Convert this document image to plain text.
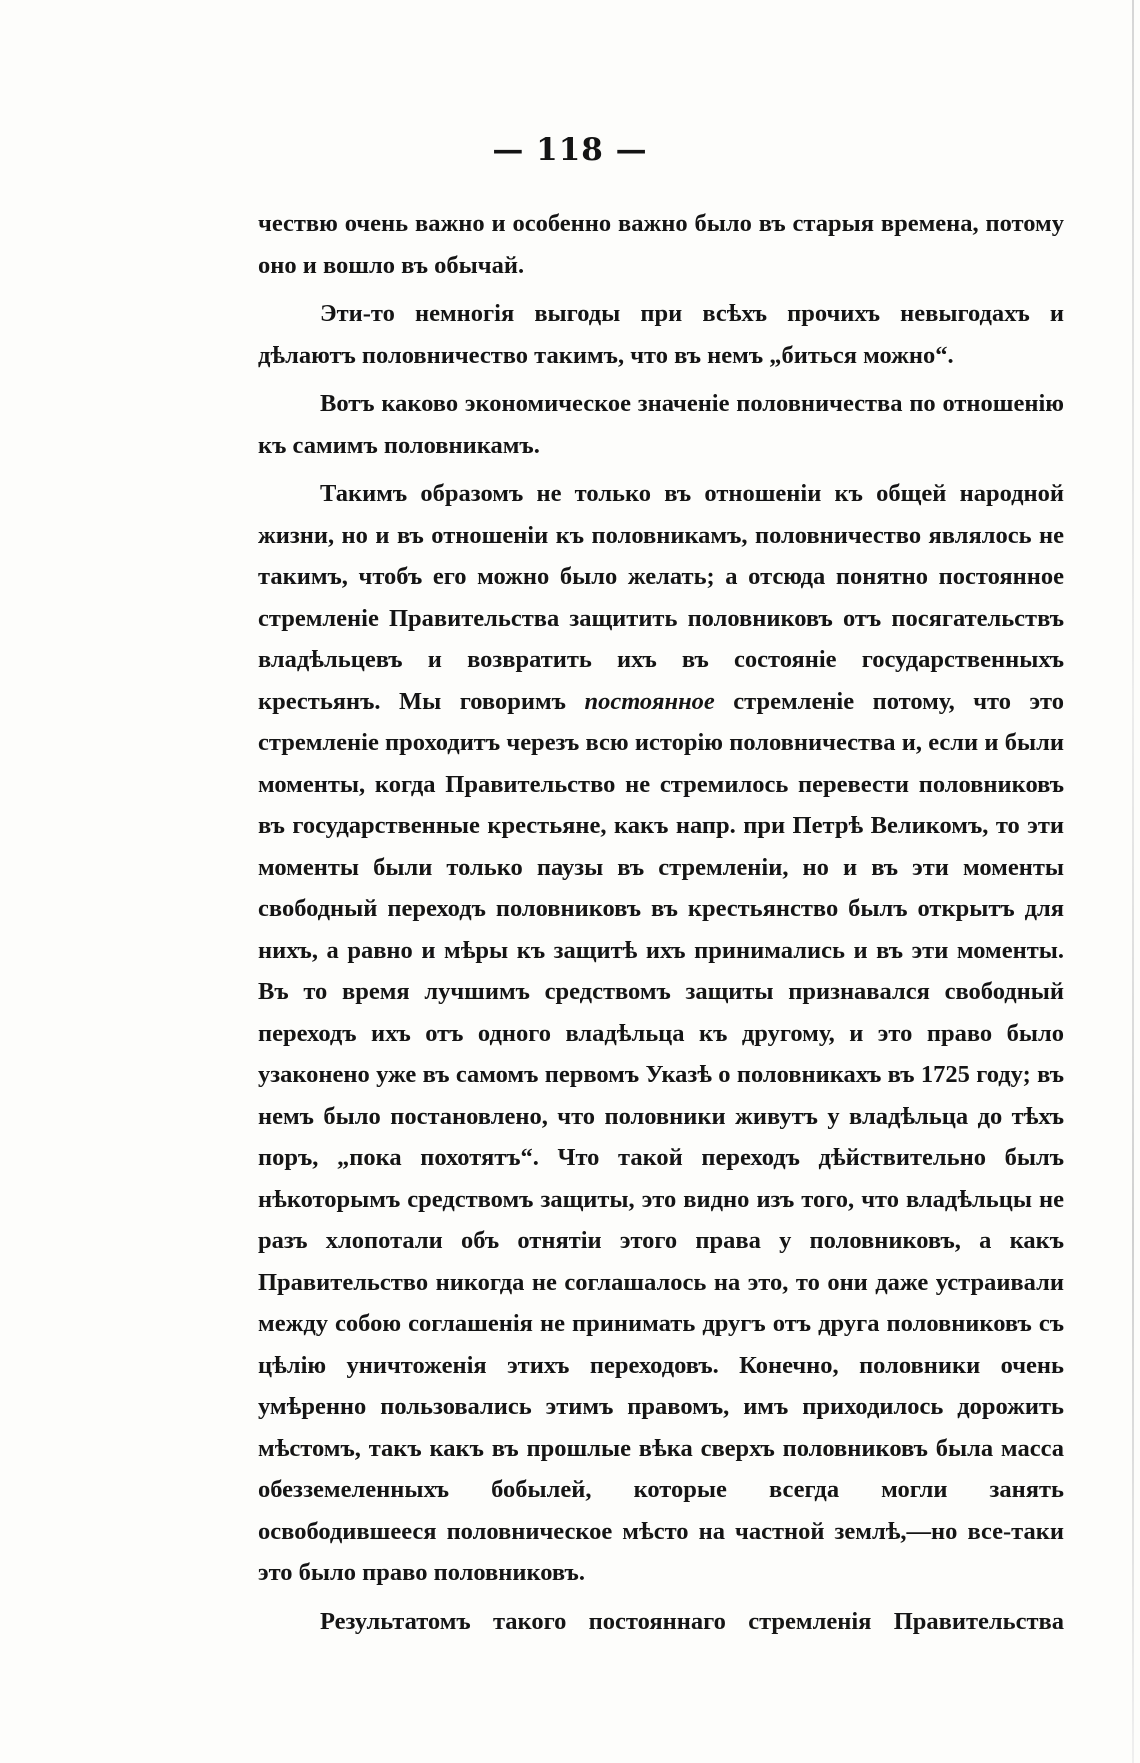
— 118 —

чествю очень важно и особенно важно было въ старыя времена, потому оно и вошло въ обычай.

Эти-то немногія выгоды при всѣхъ прочихъ невыгодахъ и дѣлаютъ половничество такимъ, что въ немъ „биться можно“.

Вотъ каково экономическое значеніе половничества по отношенію къ самимъ половникамъ.

Такимъ образомъ не только въ отношеніи къ общей народной жизни, но и въ отношеніи къ половникамъ, половничество являлось не такимъ, чтобъ его можно было желать; а отсюда понятно постоянное стремленіе Правительства защитить половниковъ отъ посягательствъ владѣльцевъ и возвратить ихъ въ состояніе государственныхъ крестьянъ. Мы говоримъ постоянное стремленіе потому, что это стремленіе проходитъ черезъ всю исторію половничества и, если и были моменты, когда Правительство не стремилось перевести половниковъ въ государственные крестьяне, какъ напр. при Петрѣ Великомъ, то эти моменты были только паузы въ стремленіи, но и въ эти моменты свободный переходъ половниковъ въ крестьянство былъ открытъ для нихъ, а равно и мѣры къ защитѣ ихъ принимались и въ эти моменты. Въ то время лучшимъ средствомъ защиты признавался свободный переходъ ихъ отъ одного владѣльца къ другому, и это право было узаконено уже въ самомъ первомъ Указѣ о половникахъ въ 1725 году; въ немъ было постановлено, что половники живутъ у владѣльца до тѣхъ поръ, „пока похотятъ“. Что такой переходъ дѣйствительно былъ нѣкоторымъ средствомъ защиты, это видно изъ того, что владѣльцы не разъ хлопотали объ отнятіи этого права у половниковъ, а какъ Правительство никогда не соглашалось на это, то они даже устраивали между собою соглашенія не принимать другъ отъ друга половниковъ съ цѣлію уничтоженія этихъ переходовъ. Конечно, половники очень умѣренно пользовались этимъ правомъ, имъ приходилось дорожить мѣстомъ, такъ какъ въ прошлые вѣка сверхъ половниковъ была масса обезземеленныхъ бобылей, которые всегда могли занять освободившееся половническое мѣсто на частной землѣ,—но все-таки это было право половниковъ.

Результатомъ такого постояннаго стремленія Правительства
